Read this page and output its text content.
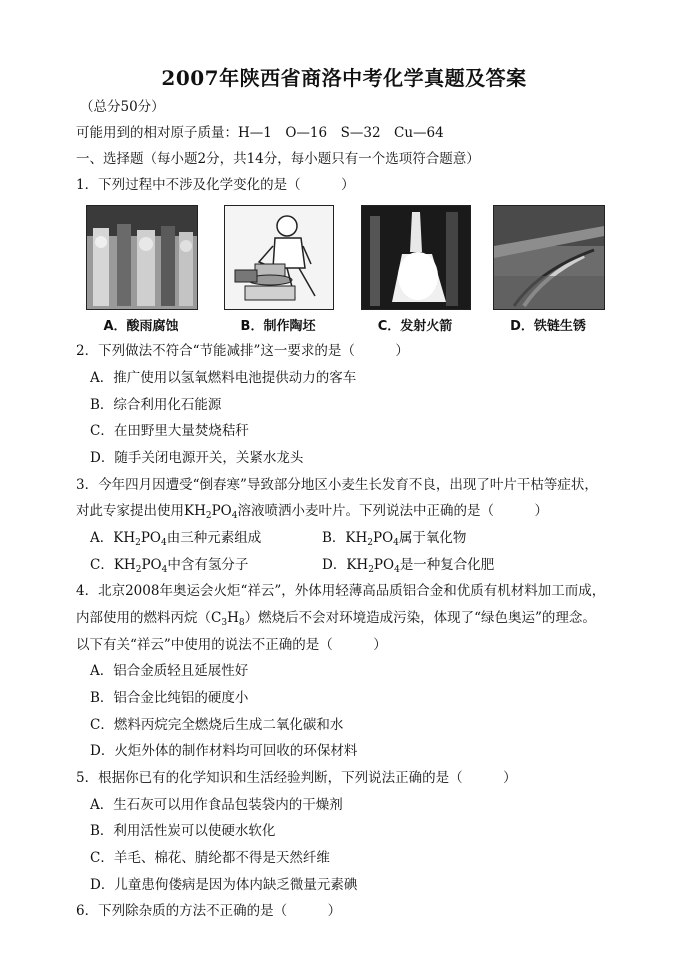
2007年陕西省商洛中考化学真题及答案
（总分50分）
可能用到的相对原子质量：H—1　O—16　S—32　Cu—64
一、选择题（每小题2分，共14分，每小题只有一个选项符合题意）
1．下列过程中不涉及化学变化的是（　　　）
A．酸雨腐蚀	B．制作陶坯	C．发射火箭	D．铁链生锈
2．下列做法不符合“节能减排”这一要求的是（　　　）
A．推广使用以氢氧燃料电池提供动力的客车
B．综合利用化石能源
C．在田野里大量焚烧秸秆
D．随手关闭电源开关，关紧水龙头
3．今年四月因遭受“倒春寒”导致部分地区小麦生长发育不良，出现了叶片干枯等症状，
对此专家提出使用$KH_2PO_4$溶液喷洒小麦叶片。下列说法中正确的是（　　　）
A．$KH_2PO_4$由三种元素组成	B．$KH_2PO_4$属于氧化物
C．$KH_2PO_4$中含有氢分子	D．$KH_2PO_4$是一种复合化肥
4．北京2008年奥运会火炬“祥云”，外体用轻薄高品质铝合金和优质有机材料加工而成，
内部使用的燃料丙烷$(C_3H_8)$燃烧后不会对环境造成污染，体现了“绿色奥运”的理念。
以下有关“祥云”中使用的说法不正确的是（　　　）
A．铝合金质轻且延展性好
B．铝合金比纯铝的硬度小
C．燃料丙烷完全燃烧后生成二氧化碳和水
D．火炬外体的制作材料均可回收的环保材料
5．根据你已有的化学知识和生活经验判断，下列说法正确的是（　　　）
A．生石灰可以用作食品包装袋内的干燥剂
B．利用活性炭可以使硬水软化
C．羊毛、棉花、腈纶都不得是天然纤维
D．儿童患佝偻病是因为体内缺乏微量元素碘
6．下列除杂质的方法不正确的是（　　　）
